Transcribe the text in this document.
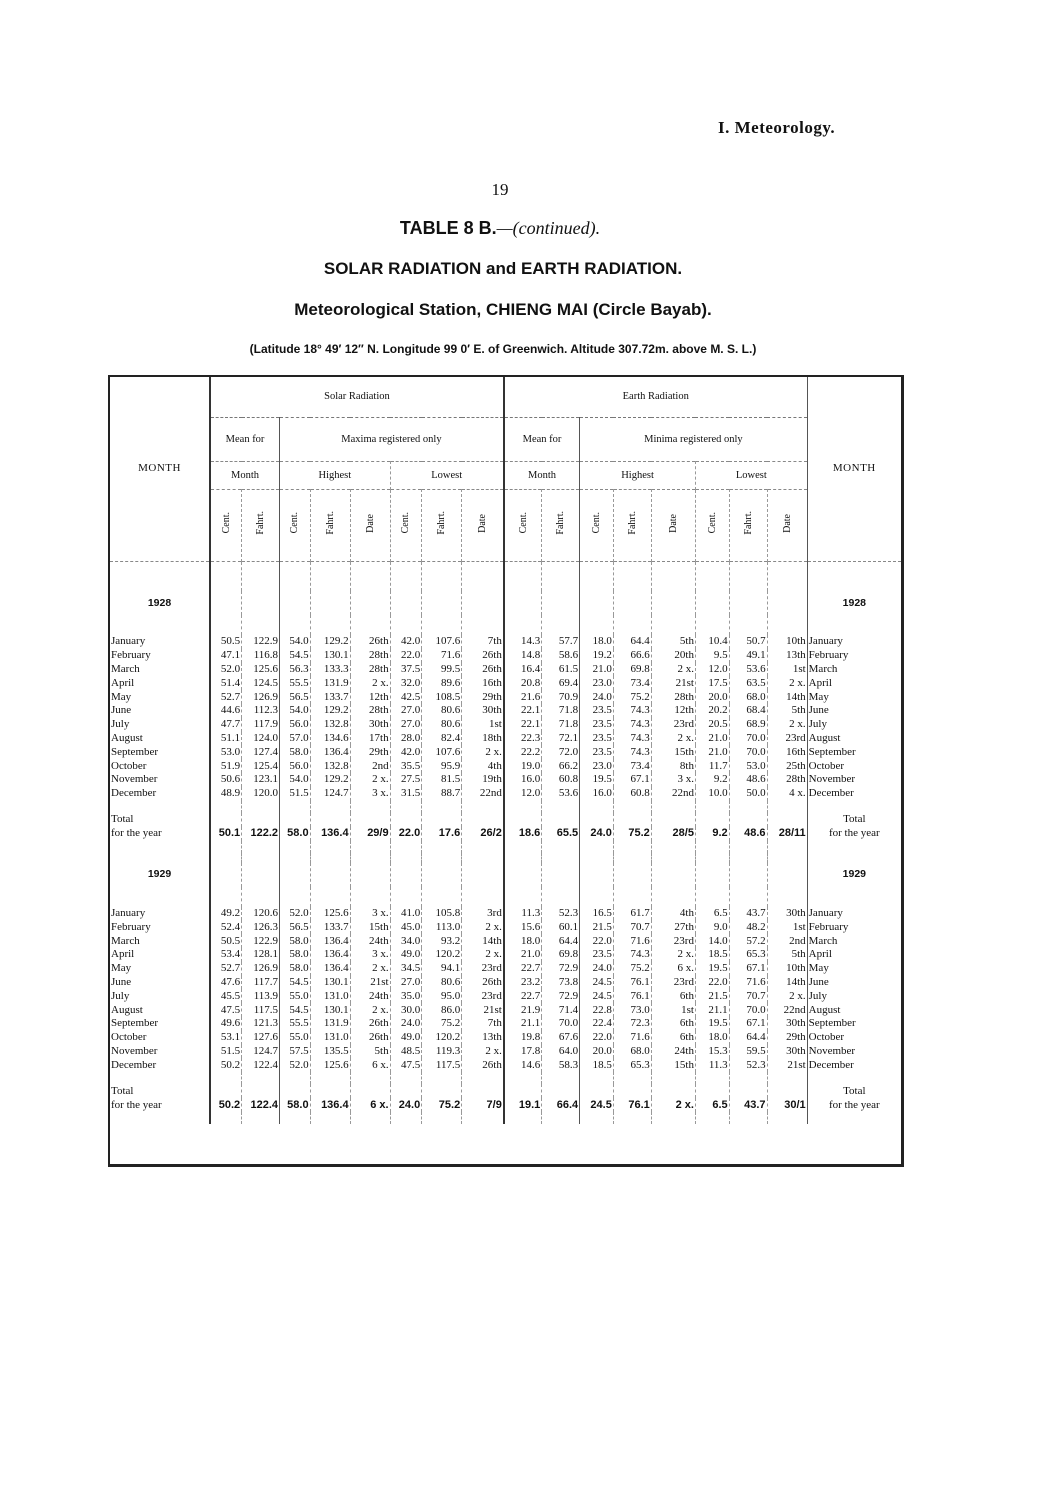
I. Meteorology.
19
TABLE 8 B.—(continued).
SOLAR RADIATION and EARTH RADIATION.
Meteorological Station, CHIENG MAI (Circle Bayab).
(Latitude 18° 49′ 12″ N. Longitude 99 0′ E. of Greenwich. Altitude 307.72m. above M. S. L.)
MONTH	Solar Radiation								Earth Radiation								MONTH
	Mean for		Maxima registered only						Mean for		Minima registered only						
	Month		Highest			Lowest			Month		Highest			Lowest			
	Cent.	Fahrt.	Cent.	Fahrt.	Date	Cent.	Fahrt.	Date	Cent.	Fahrt.	Cent.	Fahrt.	Date	Cent.	Fahrt.	Date	

1928																	1928

January	50.5	122.9	54.0	129.2	26th	42.0	107.6	7th	14.3	57.7	18.0	64.4	5th	10.4	50.7	10th	January
February	47.1	116.8	54.5	130.1	28th	22.0	71.6	26th	14.8	58.6	19.2	66.6	20th	9.5	49.1	13th	February
March	52.0	125.6	56.3	133.3	28th	37.5	99.5	26th	16.4	61.5	21.0	69.8	2 x.	12.0	53.6	1st	March
April	51.4	124.5	55.5	131.9	2 x.	32.0	89.6	16th	20.8	69.4	23.0	73.4	21st	17.5	63.5	2 x.	April
May	52.7	126.9	56.5	133.7	12th	42.5	108.5	29th	21.6	70.9	24.0	75.2	28th	20.0	68.0	14th	May
June	44.6	112.3	54.0	129.2	28th	27.0	80.6	30th	22.1	71.8	23.5	74.3	12th	20.2	68.4	5th	June
July	47.7	117.9	56.0	132.8	30th	27.0	80.6	1st	22.1	71.8	23.5	74.3	23rd	20.5	68.9	2 x.	July
August	51.1	124.0	57.0	134.6	17th	28.0	82.4	18th	22.3	72.1	23.5	74.3	2 x.	21.0	70.0	23rd	August
September	53.0	127.4	58.0	136.4	29th	42.0	107.6	2 x.	22.2	72.0	23.5	74.3	15th	21.0	70.0	16th	September
October	51.9	125.4	56.0	132.8	2nd	35.5	95.9	4th	19.0	66.2	23.0	73.4	8th	11.7	53.0	25th	October
November	50.6	123.1	54.0	129.2	2 x.	27.5	81.5	19th	16.0	60.8	19.5	67.1	3 x.	9.2	48.6	28th	November
December	48.9	120.0	51.5	124.7	3 x.	31.5	88.7	22nd	12.0	53.6	16.0	60.8	22nd	10.0	50.0	4 x.	December

Total																	Total
for the year	50.1	122.2	58.0	136.4	29/9	22.0	17.6	26/2	18.6	65.5	24.0	75.2	28/5	9.2	48.6	28/11	for the year

1929																	1929

January	49.2	120.6	52.0	125.6	3 x.	41.0	105.8	3rd	11.3	52.3	16.5	61.7	4th	6.5	43.7	30th	January
February	52.4	126.3	56.5	133.7	15th	45.0	113.0	2 x.	15.6	60.1	21.5	70.7	27th	9.0	48.2	1st	February
March	50.5	122.9	58.0	136.4	24th	34.0	93.2	14th	18.0	64.4	22.0	71.6	23rd	14.0	57.2	2nd	March
April	53.4	128.1	58.0	136.4	3 x.	49.0	120.2	2 x.	21.0	69.8	23.5	74.3	2 x.	18.5	65.3	5th	April
May	52.7	126.9	58.0	136.4	2 x.	34.5	94.1	23rd	22.7	72.9	24.0	75.2	6 x.	19.5	67.1	10th	May
June	47.6	117.7	54.5	130.1	21st	27.0	80.6	26th	23.2	73.8	24.5	76.1	23rd	22.0	71.6	14th	June
July	45.5	113.9	55.0	131.0	24th	35.0	95.0	23rd	22.7	72.9	24.5	76.1	6th	21.5	70.7	2 x.	July
August	47.5	117.5	54.5	130.1	2 x.	30.0	86.0	21st	21.9	71.4	22.8	73.0	1st	21.1	70.0	22nd	August
September	49.6	121.3	55.5	131.9	26th	24.0	75.2	7th	21.1	70.0	22.4	72.3	6th	19.5	67.1	30th	September
October	53.1	127.6	55.0	131.0	26th	49.0	120.2	13th	19.8	67.6	22.0	71.6	6th	18.0	64.4	29th	October
November	51.5	124.7	57.5	135.5	5th	48.5	119.3	2 x.	17.8	64.0	20.0	68.0	24th	15.3	59.5	30th	November
December	50.2	122.4	52.0	125.6	6 x.	47.5	117.5	26th	14.6	58.3	18.5	65.3	15th	11.3	52.3	21st	December

Total																	Total
for the year	50.2	122.4	58.0	136.4	6 x.	24.0	75.2	7/9	19.1	66.4	24.5	76.1	2 x.	6.5	43.7	30/1	for the year
